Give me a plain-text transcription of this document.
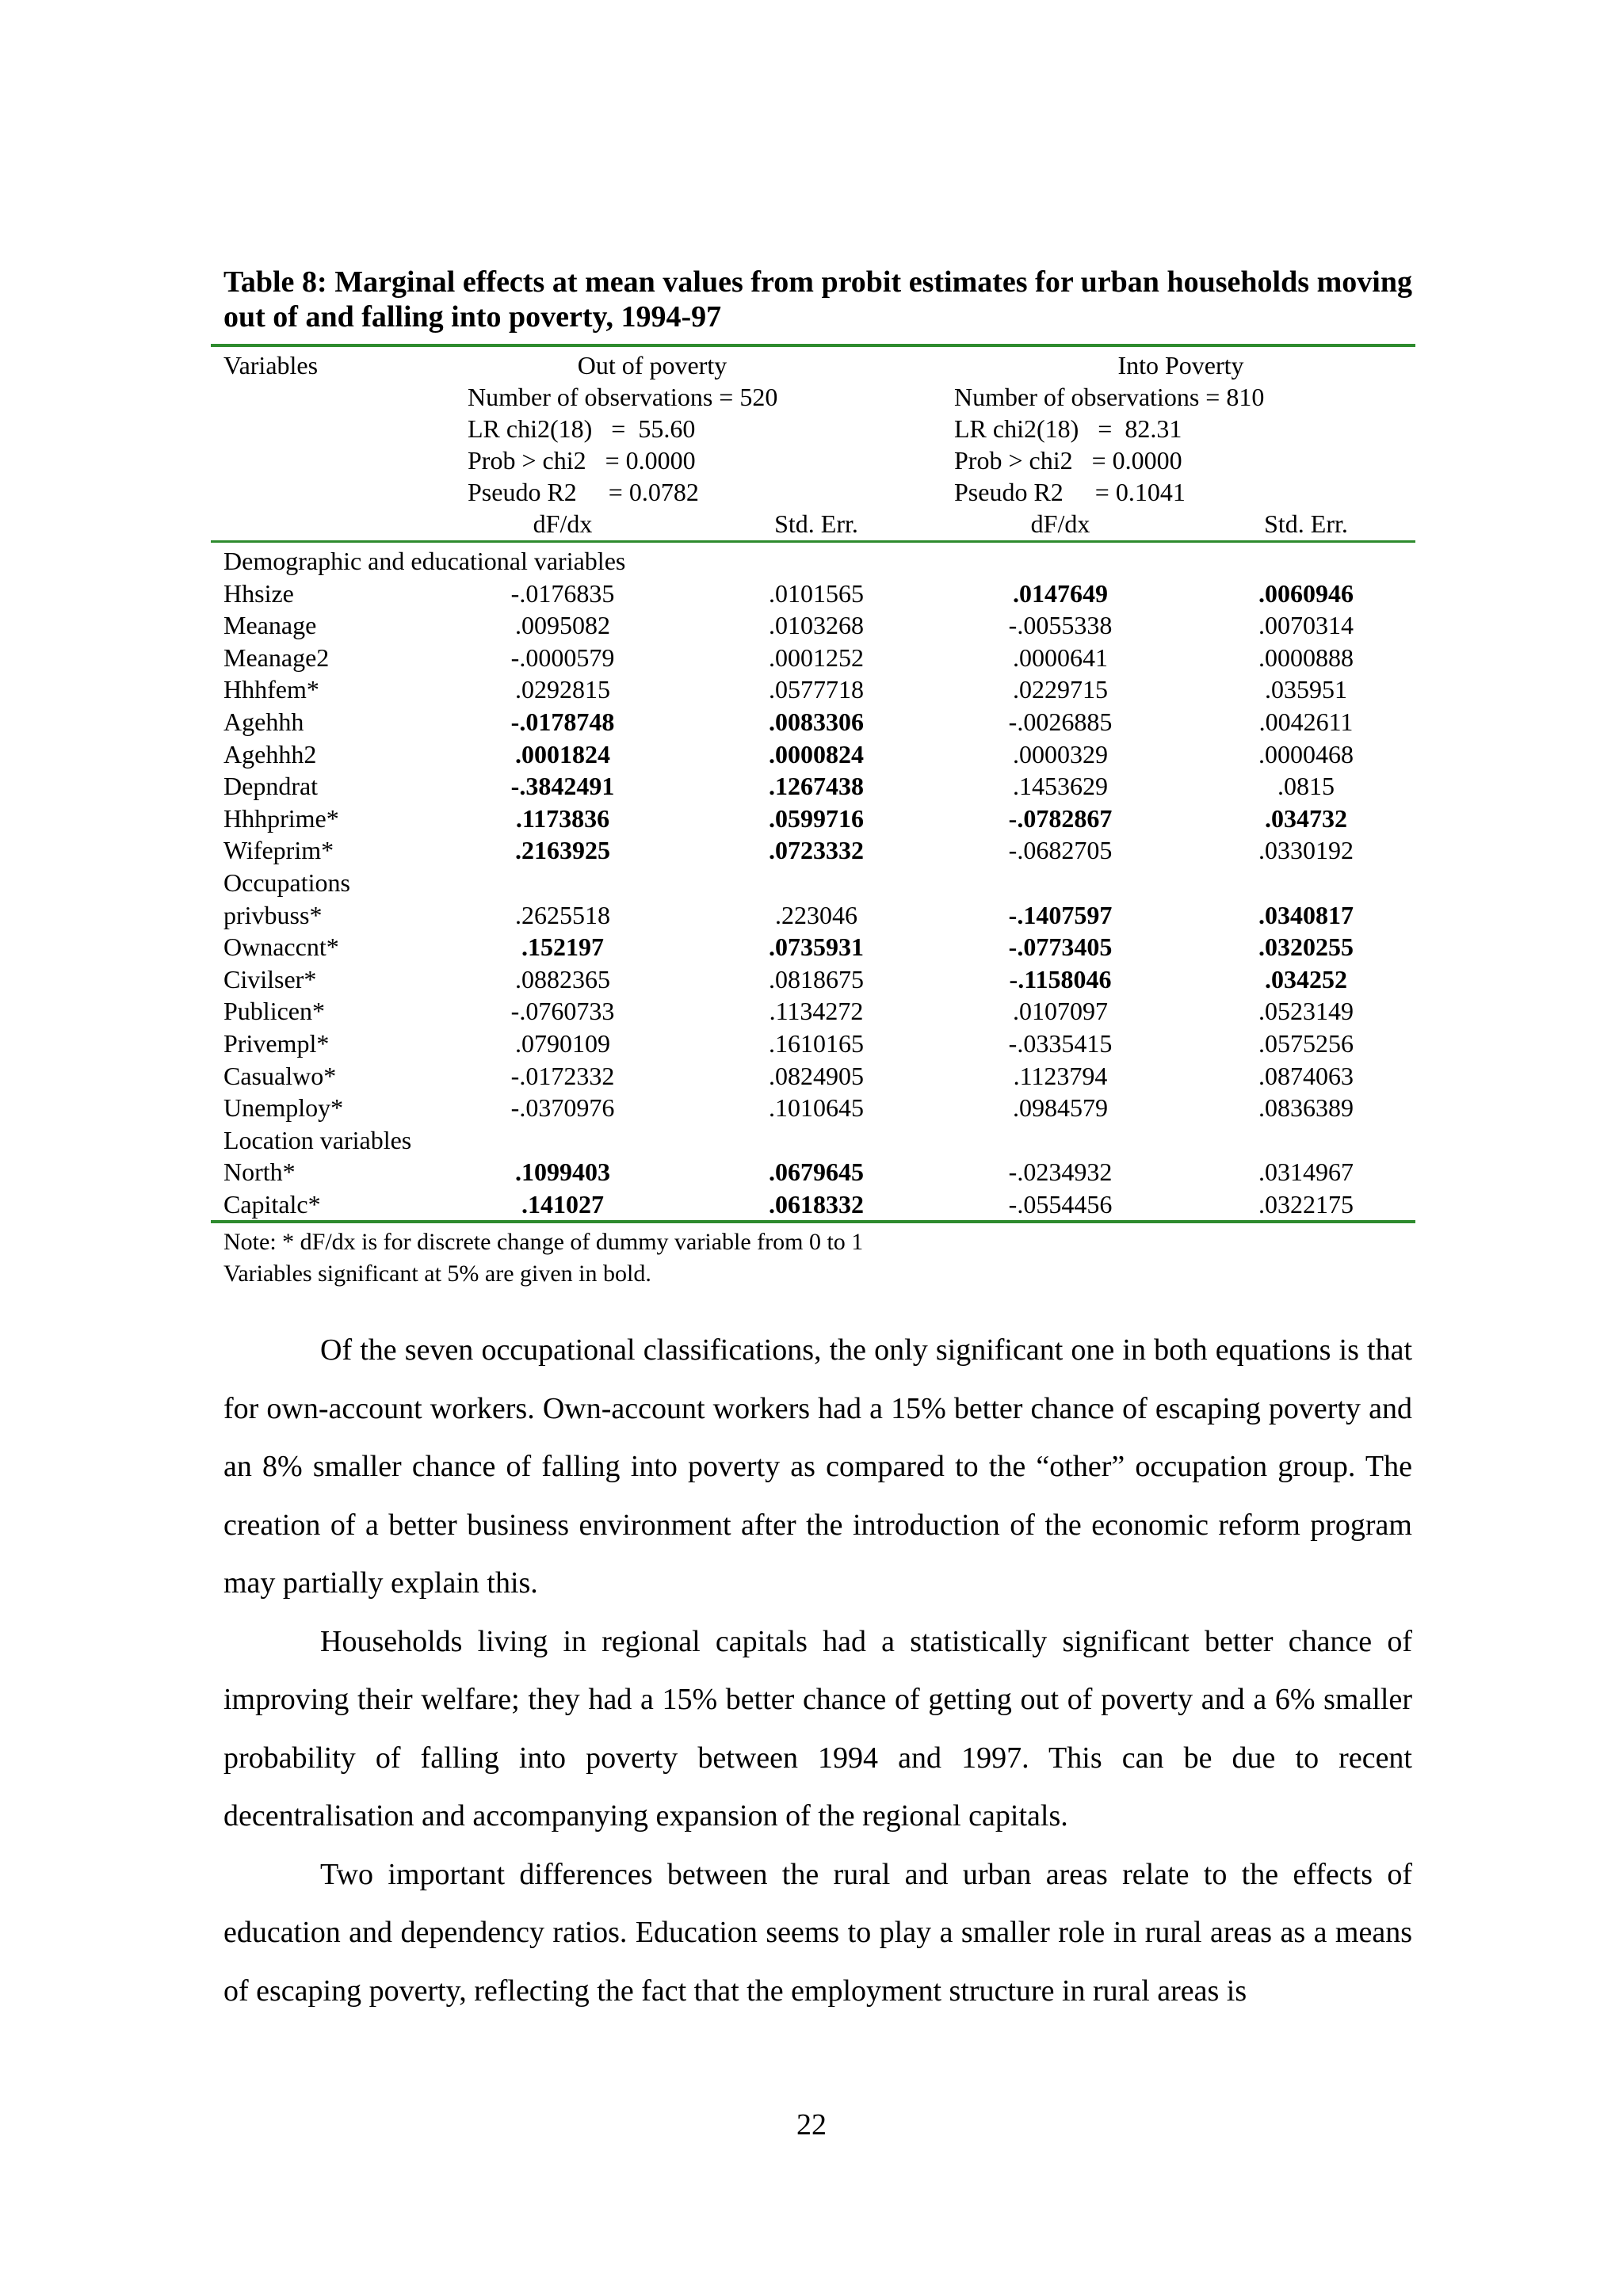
Table 8: Marginal effects at mean values from probit estimates for urban households moving out of and falling into poverty, 1994-97
Variables	Out of poverty	Into Poverty
Number of observations = 520
LR chi2(18)   =  55.60
Prob > chi2   = 0.0000
Pseudo R2     = 0.0782
Number of observations = 810
LR chi2(18)   =  82.31
Prob > chi2   = 0.0000
Pseudo R2     = 0.1041
dF/dx	Std. Err.	dF/dx	Std. Err.
Demographic and educational variables
Hhsize	-.0176835	.0101565	.0147649	.0060946
Meanage	.0095082	.0103268	-.0055338	.0070314
Meanage2	-.0000579	.0001252	.0000641	.0000888
Hhhfem*	.0292815	.0577718	.0229715	.035951
Agehhh	-.0178748	.0083306	-.0026885	.0042611
Agehhh2	.0001824	.0000824	.0000329	.0000468
Depndrat	-.3842491	.1267438	.1453629	.0815
Hhhprime*	.1173836	.0599716	-.0782867	.034732
Wifeprim*	.2163925	.0723332	-.0682705	.0330192
Occupations
privbuss*	.2625518	.223046	-.1407597	.0340817
Ownaccnt*	.152197	.0735931	-.0773405	.0320255
Civilser*	.0882365	.0818675	-.1158046	.034252
Publicen*	-.0760733	.1134272	.0107097	.0523149
Privempl*	.0790109	.1610165	-.0335415	.0575256
Casualwo*	-.0172332	.0824905	.1123794	.0874063
Unemploy*	-.0370976	.1010645	.0984579	.0836389
Location variables
North*	.1099403	.0679645	-.0234932	.0314967
Capitalc*	.141027	.0618332	-.0554456	.0322175
Note: * dF/dx is for discrete change of dummy variable from 0 to 1
Variables significant at 5% are given in bold.

Of the seven occupational classifications, the only significant one in both equations is that for own-account workers. Own-account workers had a 15% better chance of escaping poverty and an 8% smaller chance of falling into poverty as compared to the “other” occupation group. The creation of a better business environment after the introduction of the economic reform program may partially explain this.

Households living in regional capitals had a statistically significant better chance of improving their welfare; they had a 15% better chance of getting out of poverty and a 6% smaller probability of falling into poverty between 1994 and 1997. This can be due to recent decentralisation and accompanying expansion of the regional capitals.

Two important differences between the rural and urban areas relate to the effects of education and dependency ratios. Education seems to play a smaller role in rural areas as a means of escaping poverty, reflecting the fact that the employment structure in rural areas is

22
